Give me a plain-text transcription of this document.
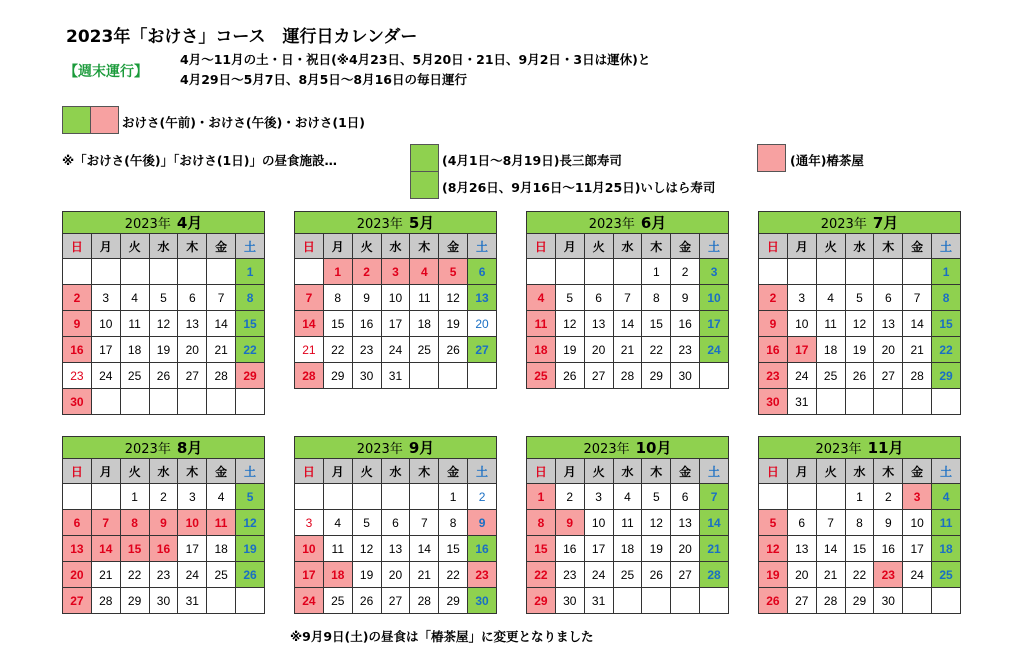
2023年「おけさ」コース　運行日カレンダー
【週末運行】
4月～11月の土・日・祝日(※4月23日、5月20日・21日、9月2日・3日は運休)と
4月29日～5月7日、8月5日～8月16日の毎日運行
おけさ(午前)・おけさ(午後)・おけさ(1日)
※「おけさ(午後)」「おけさ(1日)」の昼食施設…	(4月1日～8月19日)長三郎寿司
(8月26日、9月16日～11月25日)いしはら寿司
(通年)椿茶屋
2023年 4月
日	月	火	水	木	金	土
						1
2	3	4	5	6	7	8
9	10	11	12	13	14	15
16	17	18	19	20	21	22
23	24	25	26	27	28	29
30						
2023年 5月
日	月	火	水	木	金	土
	1	2	3	4	5	6
7	8	9	10	11	12	13
14	15	16	17	18	19	20
21	22	23	24	25	26	27
28	29	30	31			
2023年 6月
日	月	火	水	木	金	土
				1	2	3
4	5	6	7	8	9	10
11	12	13	14	15	16	17
18	19	20	21	22	23	24
25	26	27	28	29	30	
2023年 7月
日	月	火	水	木	金	土
						1
2	3	4	5	6	7	8
9	10	11	12	13	14	15
16	17	18	19	20	21	22
23	24	25	26	27	28	29
30	31					
2023年 8月
日	月	火	水	木	金	土
		1	2	3	4	5
6	7	8	9	10	11	12
13	14	15	16	17	18	19
20	21	22	23	24	25	26
27	28	29	30	31		
2023年 9月
日	月	火	水	木	金	土
					1	2
3	4	5	6	7	8	9
10	11	12	13	14	15	16
17	18	19	20	21	22	23
24	25	26	27	28	29	30
2023年 10月
日	月	火	水	木	金	土
1	2	3	4	5	6	7
8	9	10	11	12	13	14
15	16	17	18	19	20	21
22	23	24	25	26	27	28
29	30	31				
2023年 11月
日	月	火	水	木	金	土
			1	2	3	4
5	6	7	8	9	10	11
12	13	14	15	16	17	18
19	20	21	22	23	24	25
26	27	28	29	30		
※9月9日(土)の昼食は「椿茶屋」に変更となりました
